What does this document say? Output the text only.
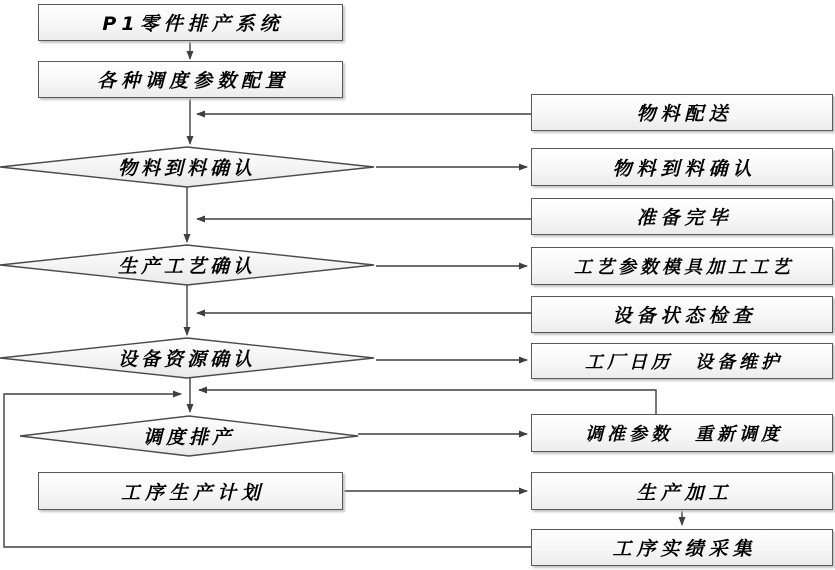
P1零件排产系统
各种调度参数配置
工序生产计划
物料到料确认
生产工艺确认
设备资源确认
调度排产
物料配送
物料到料确认
准备完毕
工艺参数模具加工工艺
设备状态检查
工厂日历　设备维护
调准参数　重新调度
生产加工
工序实绩采集
